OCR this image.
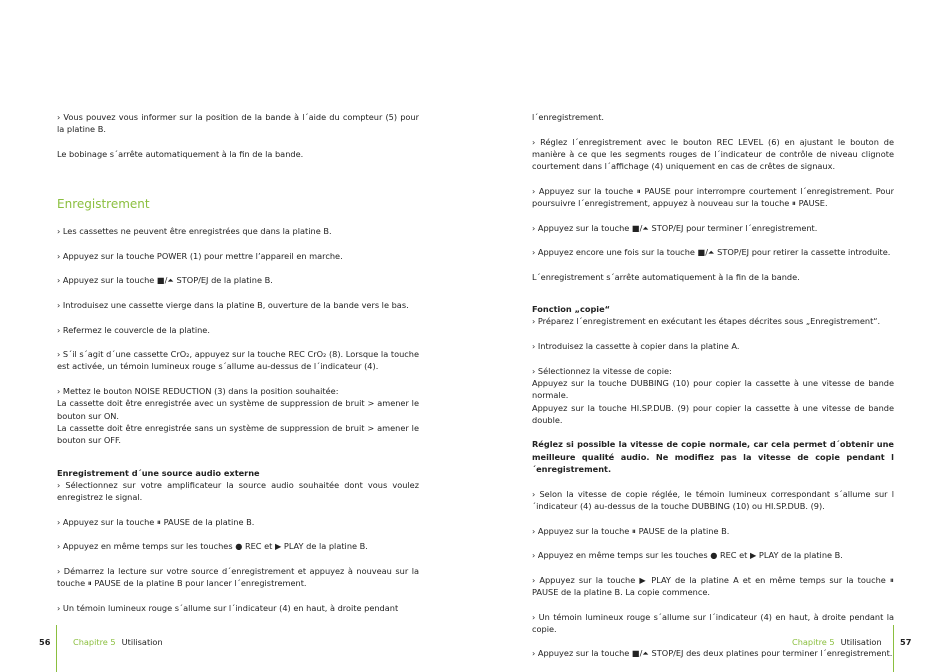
› Vous pouvez vous informer sur la position de la bande à l´aide du compteur (5) pour la platine B.

Le bobinage s´arrête automatiquement à la fin de la bande.

Enregistrement

› Les cassettes ne peuvent être enregistrées que dans la platine B.

› Appuyez sur la touche POWER (1) pour mettre l’appareil en marche.

› Appuyez sur la touche ■/⏶ STOP/EJ de la platine B.

› Introduisez une cassette vierge dans la platine B, ouverture de la bande vers le bas.

› Refermez le couvercle de la platine.

› S´il s´agit d´une cassette CrO₂, appuyez sur la touche REC CrO₂ (8). Lorsque la touche est activée, un témoin lumineux rouge s´allume au-dessus de l´indicateur (4).

› Mettez le bouton NOISE REDUCTION (3) dans la position souhaitée:

La cassette doit être enregistrée avec un système de suppression de bruit > amener le bouton sur ON.

La cassette doit être enregistrée sans un système de suppression de bruit > amener le bouton sur OFF.

Enregistrement d´une source audio externe

› Sélectionnez sur votre amplificateur la source audio souhaitée dont vous voulez enregistrez le signal.

› Appuyez sur la touche ⏸ PAUSE de la platine B.

› Appuyez en même temps sur les touches ● REC et ▶ PLAY de la platine B.

› Démarrez la lecture sur votre source d´enregistrement et appuyez à nouveau sur la touche ⏸ PAUSE de la platine B pour lancer l´enregistrement.

› Un témoin lumineux rouge s´allume sur l´indicateur (4) en haut, à droite pendant

l´enregistrement.

› Réglez l´enregistrement avec le bouton REC LEVEL (6) en ajustant le bouton de manière à ce que les segments rouges de l´indicateur de contrôle de niveau clignote courtement dans l´affichage (4) uniquement en cas de crêtes de signaux.

› Appuyez sur la touche ⏸ PAUSE pour interrompre courtement l´enregistrement. Pour poursuivre l´enregistrement, appuyez à nouveau sur la touche ⏸ PAUSE.

› Appuyez sur la touche ■/⏶ STOP/EJ pour terminer l´enregistrement.

› Appuyez encore une fois sur la touche ■/⏶ STOP/EJ pour retirer la cassette introduite.

L´enregistrement s´arrête automatiquement à la fin de la bande.

Fonction „copie“

› Préparez l´enregistrement en exécutant les étapes décrites sous „Enregistrement“.

› Introduisez la cassette à copier dans la platine A.

› Sélectionnez la vitesse de copie:

Appuyez sur la touche DUBBING (10) pour copier la cassette à une vitesse de bande normale.

Appuyez sur la touche HI.SP.DUB. (9) pour copier la cassette à une vitesse de bande double.

Réglez si possible la vitesse de copie normale, car cela permet d´obtenir une meilleure qualité audio. Ne modifiez pas la vitesse de copie pendant l´enregistrement.

› Selon la vitesse de copie réglée, le témoin lumineux correspondant s´allume sur l´indicateur (4) au-dessus de la touche DUBBING (10) ou HI.SP.DUB. (9).

› Appuyez sur la touche ⏸ PAUSE de la platine B.

› Appuyez en même temps sur les touches ● REC et ▶ PLAY de la platine B.

› Appuyez sur la touche ▶ PLAY de la platine A et en même temps sur la touche ⏸ PAUSE de la platine B. La copie commence.

› Un témoin lumineux rouge s´allume sur l´indicateur (4) en haut, à droite pendant la copie.

› Appuyez sur la touche ■/⏶ STOP/EJ des deux platines pour terminer l´enregistrement.

56	Chapitre 5 Utilisation	Chapitre 5 Utilisation 57
